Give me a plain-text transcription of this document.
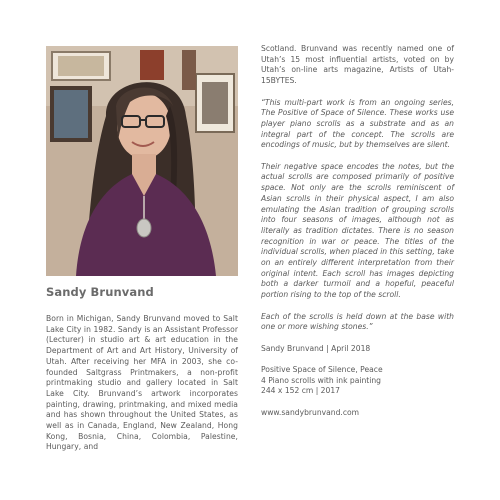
Sandy Brunvand

Born in Michigan, Sandy Brunvand moved to Salt Lake City in 1982. Sandy is an Assistant Professor (Lecturer) in studio art & art education in the Department of Art and Art History, University of Utah. After receiving her MFA in 2003, she co-founded Saltgrass Printmakers, a non-profit printmaking studio and gallery located in Salt Lake City. Brunvand’s artwork incorporates painting, drawing, printmaking, and mixed media and has shown throughout the United States, as well as in Canada, England, New Zealand, Hong Kong, Bosnia, China, Colombia, Palestine, Hungary, and

Scotland. Brunvand was recently named one of Utah’s 15 most influential artists, voted on by Utah’s on-line arts magazine, Artists of Utah-15BYTES.

“This multi-part work is from an ongoing series, The Positive of Space of Silence. These works use player piano scrolls as a substrate and as an integral part of the concept. The scrolls are encodings of music, but by themselves are silent.

Their negative space encodes the notes, but the actual scrolls are composed primarily of positive space. Not only are the scrolls reminiscent of Asian scrolls in their physical aspect, I am also emulating the Asian tradition of grouping scrolls into four seasons of images, although not as literally as tradition dictates. There is no season recognition in war or peace. The titles of the individual scrolls, when placed in this setting, take on an entirely different interpretation from their original intent. Each scroll has images depicting both a darker turmoil and a hopeful, peaceful portion rising to the top of the scroll.

Each of the scrolls is held down at the base with one or more wishing stones.”

Sandy Brunvand | April 2018

Positive Space of Silence, Peace
4 Piano scrolls with ink painting
244 x 152 cm | 2017

www.sandybrunvand.com
